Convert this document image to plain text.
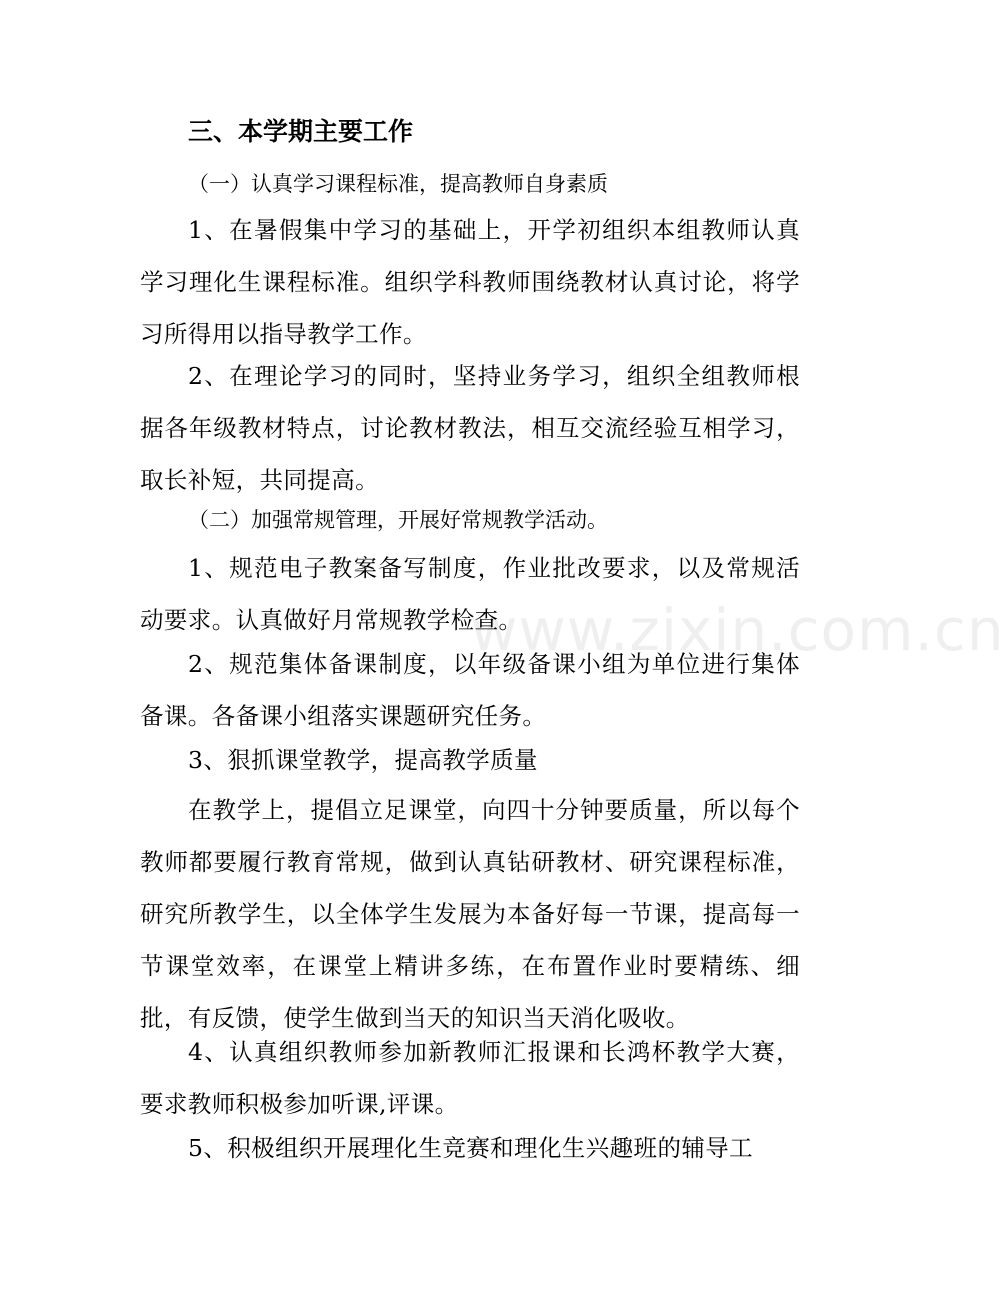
三、本学期主要工作
（一）认真学习课程标准，提高教师自身素质
1、在暑假集中学习的基础上，开学初组织本组教师认真学习理化生课程标准。组织学科教师围绕教材认真讨论，将学习所得用以指导教学工作。
2、在理论学习的同时，坚持业务学习，组织全组教师根据各年级教材特点，讨论教材教法，相互交流经验互相学习，取长补短，共同提高。
（二）加强常规管理，开展好常规教学活动。
1、规范电子教案备写制度，作业批改要求，以及常规活动要求。认真做好月常规教学检查。
2、规范集体备课制度，以年级备课小组为单位进行集体备课。各备课小组落实课题研究任务。
3、狠抓课堂教学，提高教学质量
在教学上，提倡立足课堂，向四十分钟要质量，所以每个教师都要履行教育常规，做到认真钻研教材、研究课程标准，研究所教学生，以全体学生发展为本备好每一节课，提高每一节课堂效率，在课堂上精讲多练，在布置作业时要精练、细批，有反馈，使学生做到当天的知识当天消化吸收。
4、认真组织教师参加新教师汇报课和长鸿杯教学大赛，要求教师积极参加听课,评课。
5、积极组织开展理化生竞赛和理化生兴趣班的辅导工
www.zixin.com.cn
